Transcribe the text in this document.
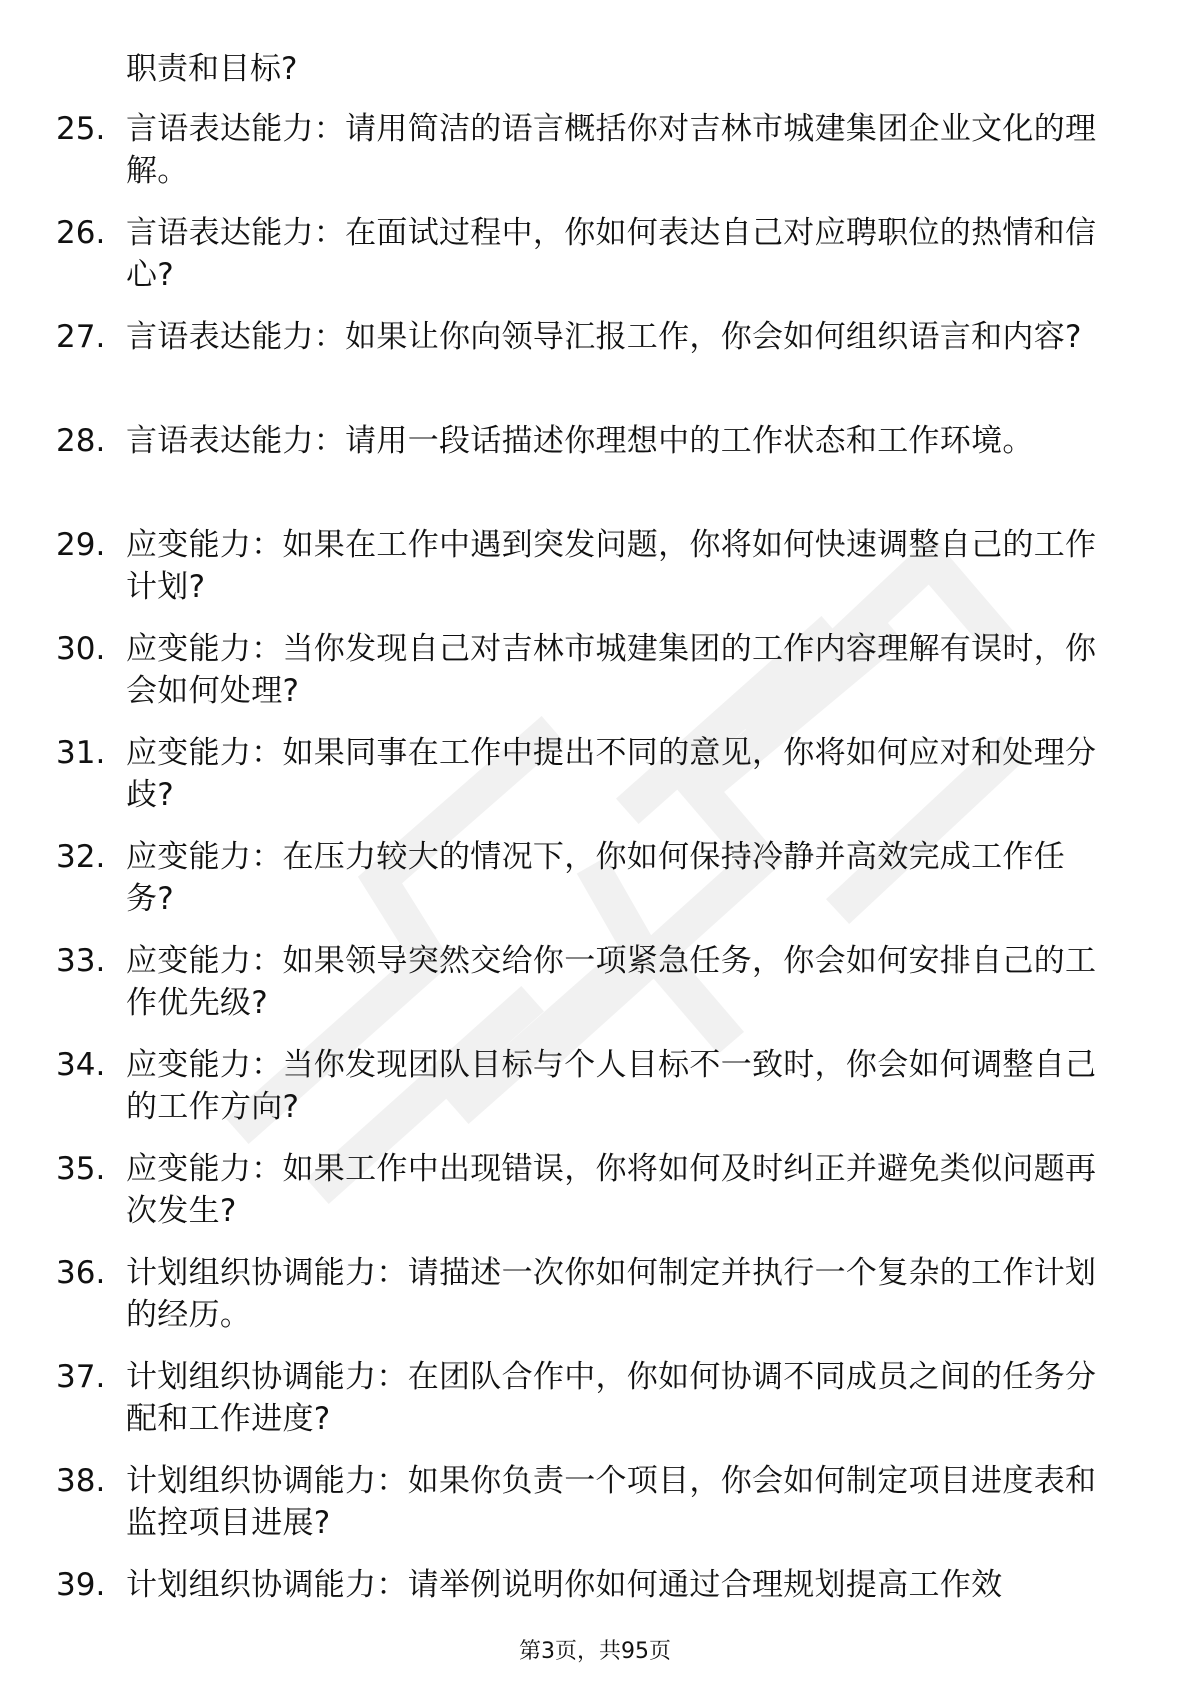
职责和目标?
25. 言语表达能力：请用简洁的语言概括你对吉林市城建集团企业文化的理解。
26. 言语表达能力：在面试过程中，你如何表达自己对应聘职位的热情和信心?
27. 言语表达能力：如果让你向领导汇报工作，你会如何组织语言和内容?
28. 言语表达能力：请用一段话描述你理想中的工作状态和工作环境。
29. 应变能力：如果在工作中遇到突发问题，你将如何快速调整自己的工作计划?
30. 应变能力：当你发现自己对吉林市城建集团的工作内容理解有误时，你会如何处理?
31. 应变能力：如果同事在工作中提出不同的意见，你将如何应对和处理分歧?
32. 应变能力：在压力较大的情况下，你如何保持冷静并高效完成工作任务?
33. 应变能力：如果领导突然交给你一项紧急任务，你会如何安排自己的工作优先级?
34. 应变能力：当你发现团队目标与个人目标不一致时，你会如何调整自己的工作方向?
35. 应变能力：如果工作中出现错误，你将如何及时纠正并避免类似问题再次发生?
36. 计划组织协调能力：请描述一次你如何制定并执行一个复杂的工作计划的经历。
37. 计划组织协调能力：在团队合作中，你如何协调不同成员之间的任务分配和工作进度?
38. 计划组织协调能力：如果你负责一个项目，你会如何制定项目进度表和监控项目进展?
39. 计划组织协调能力：请举例说明你如何通过合理规划提高工作效
第3页，共95页
